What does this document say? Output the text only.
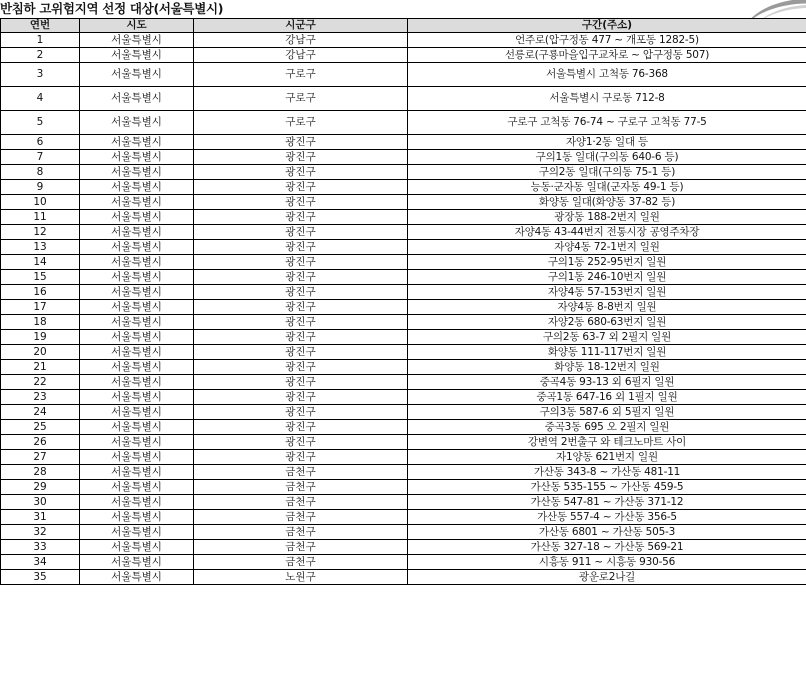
반침하 고위험지역 선정 대상(서울특별시)
연번	시도	시군구	구간(주소)
1	서울특별시	강남구	언주로(압구정동 477 ~ 개포동 1282-5)
2	서울특별시	강남구	선릉로(구룡마을입구교차로 ~ 압구정동 507)
3	서울특별시	구로구	서울특별시 고척동 76-368
4	서울특별시	구로구	서울특별시 구로동 712-8
5	서울특별시	구로구	구로구 고척동 76-74 ~ 구로구 고척동 77-5
6	서울특별시	광진구	자양1·2동 일대 등
7	서울특별시	광진구	구의1동 일대(구의동 640-6 등)
8	서울특별시	광진구	구의2동 일대(구의동 75-1 등)
9	서울특별시	광진구	능동·군자동 일대(군자동 49-1 등)
10	서울특별시	광진구	화양동 일대(화양동 37-82 등)
11	서울특별시	광진구	광장동 188-2번지 일원
12	서울특별시	광진구	자양4동 43-44번지 전통시장 공영주차장
13	서울특별시	광진구	자양4동 72-1번지 일원
14	서울특별시	광진구	구의1동 252-95번지 일원
15	서울특별시	광진구	구의1동 246-10번지 일원
16	서울특별시	광진구	자양4동 57-153번지 일원
17	서울특별시	광진구	자양4동 8-8번지 일원
18	서울특별시	광진구	자양2동 680-63번지 일원
19	서울특별시	광진구	구의2동 63-7 외 2필지 일원
20	서울특별시	광진구	화양동 111-117번지 일원
21	서울특별시	광진구	화양동 18-12번지 일원
22	서울특별시	광진구	중곡4동 93-13 외 6필지 일원
23	서울특별시	광진구	중곡1동 647-16 외 1필지 일원
24	서울특별시	광진구	구의3동 587-6 외 5필지 일원
25	서울특별시	광진구	중곡3동 695 오 2필지 일원
26	서울특별시	광진구	강변역 2번출구 와 테크노마트 사이
27	서울특별시	광진구	자1양동 621번지 일원
28	서울특별시	금천구	가산동 343-8 ~ 가산동 481-11
29	서울특별시	금천구	가산동 535-155 ~ 가산동 459-5
30	서울특별시	금천구	가산동 547-81 ~ 가산동 371-12
31	서울특별시	금천구	가산동 557-4 ~ 가산동 356-5
32	서울특별시	금천구	가산동 6801 ~ 가산동 505-3
33	서울특별시	금천구	가산동 327-18 ~ 가산동 569-21
34	서울특별시	금천구	시흥동 911 ~ 시흥동 930-56
35	서울특별시	노원구	광운로2나길
